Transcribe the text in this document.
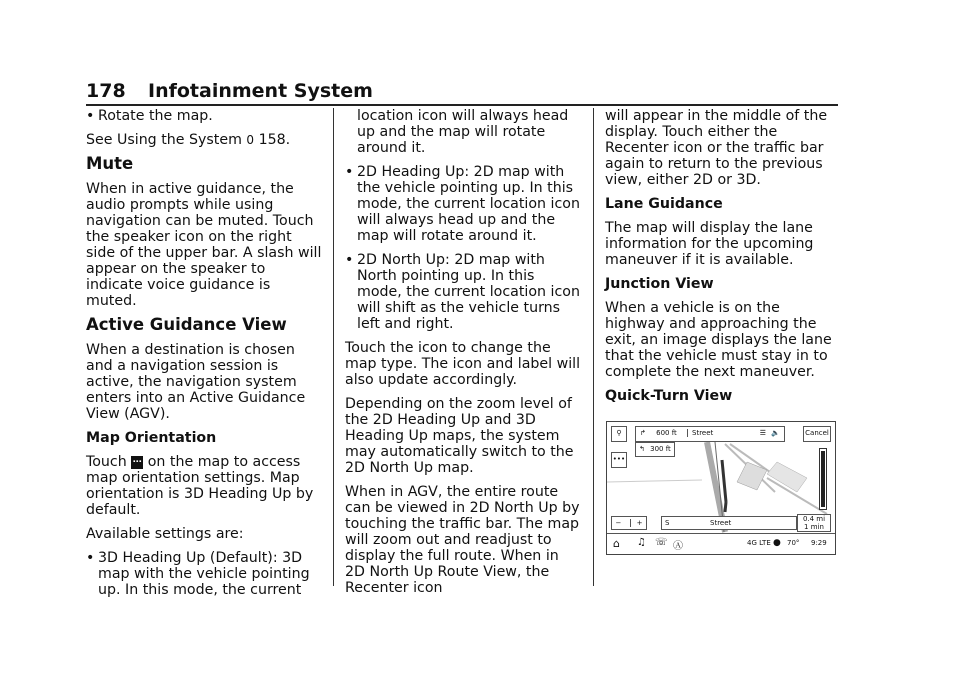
178 Infotainment System
• Rotate the map.
See Using the System 0 158.
Mute
When in active guidance, the audio prompts while using navigation can be muted. Touch the speaker icon on the right side of the upper bar. A slash will appear on the speaker to indicate voice guidance is muted.
Active Guidance View
When a destination is chosen and a navigation session is active, the navigation system enters into an Active Guidance View (AGV).
Map Orientation
Touch … on the map to access map orientation settings. Map orientation is 3D Heading Up by default.
Available settings are:
• 3D Heading Up (Default): 3D map with the vehicle pointing up. In this mode, the current
location icon will always head up and the map will rotate around it.
• 2D Heading Up: 2D map with the vehicle pointing up. In this mode, the current location icon will always head up and the map will rotate around it.
• 2D North Up: 2D map with North pointing up. In this mode, the current location icon will shift as the vehicle turns left and right.
Touch the icon to change the map type. The icon and label will also update accordingly.
Depending on the zoom level of the 2D Heading Up and 3D Heading Up maps, the system may automatically switch to the 2D North Up map.
When in AGV, the entire route can be viewed in 2D North Up by touching the traffic bar. The map will zoom out and readjust to display the full route. When in 2D North Up Route View, the Recenter icon
will appear in the middle of the display. Touch either the Recenter icon or the traffic bar again to return to the previous view, either 2D or 3D.
Lane Guidance
The map will display the lane information for the upcoming maneuver if it is available.
Junction View
When a vehicle is on the highway and approaching the exit, an image displays the lane that the vehicle must stay in to complete the next maneuver.
Quick-Turn View
⚲	↱ 600 ft Street	☰ 🔈	Cancel
↰ 300 ft
•••
− +	S	Street	0.4 mi
1 min
⌂ ♫ ☏ Ⓐ	4G LTE ● 70° 9:29
